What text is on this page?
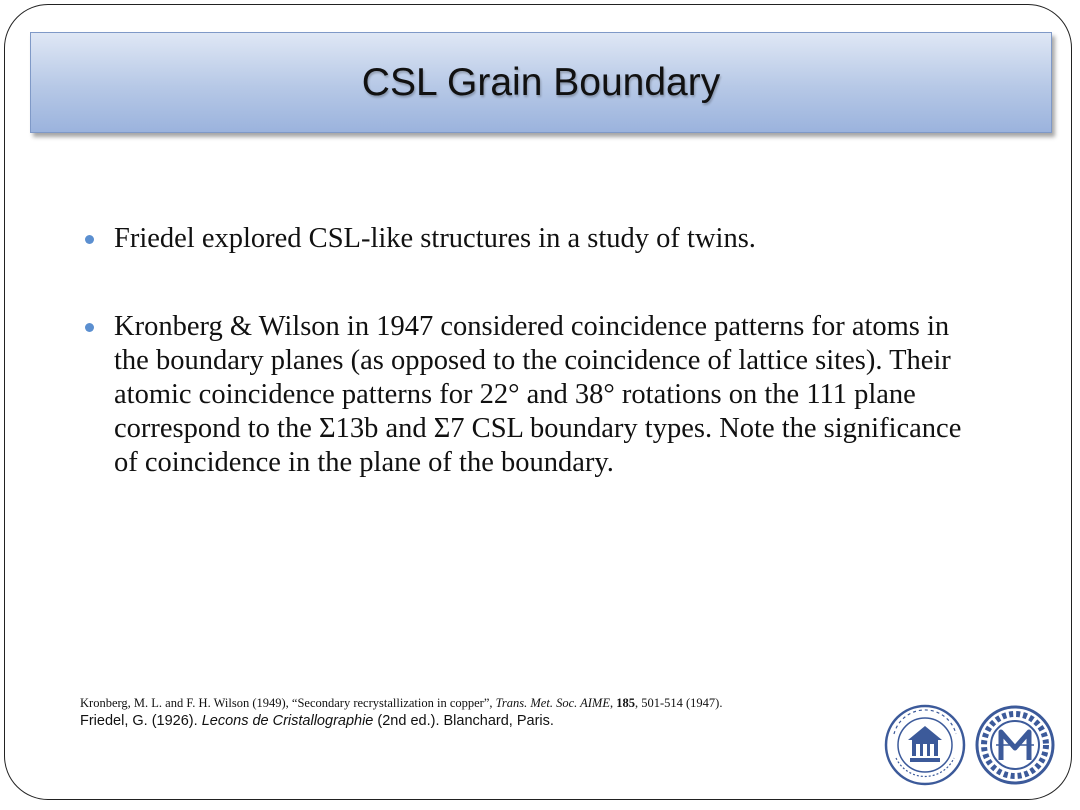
CSL Grain Boundary
Friedel explored CSL-like structures in a study of twins.
Kronberg & Wilson in 1947 considered coincidence patterns for atoms in the boundary planes (as opposed to the coincidence of lattice sites). Their atomic coincidence patterns for 22° and 38° rotations on the 111 plane correspond to the Σ13b and Σ7 CSL boundary types. Note the significance of coincidence in the plane of the boundary.
Kronberg, M. L. and F. H. Wilson (1949), “Secondary recrystallization in copper”, Trans. Met. Soc. AIME, 185, 501-514 (1947).
Friedel, G. (1926). Lecons de Cristallographie (2nd ed.). Blanchard, Paris.
